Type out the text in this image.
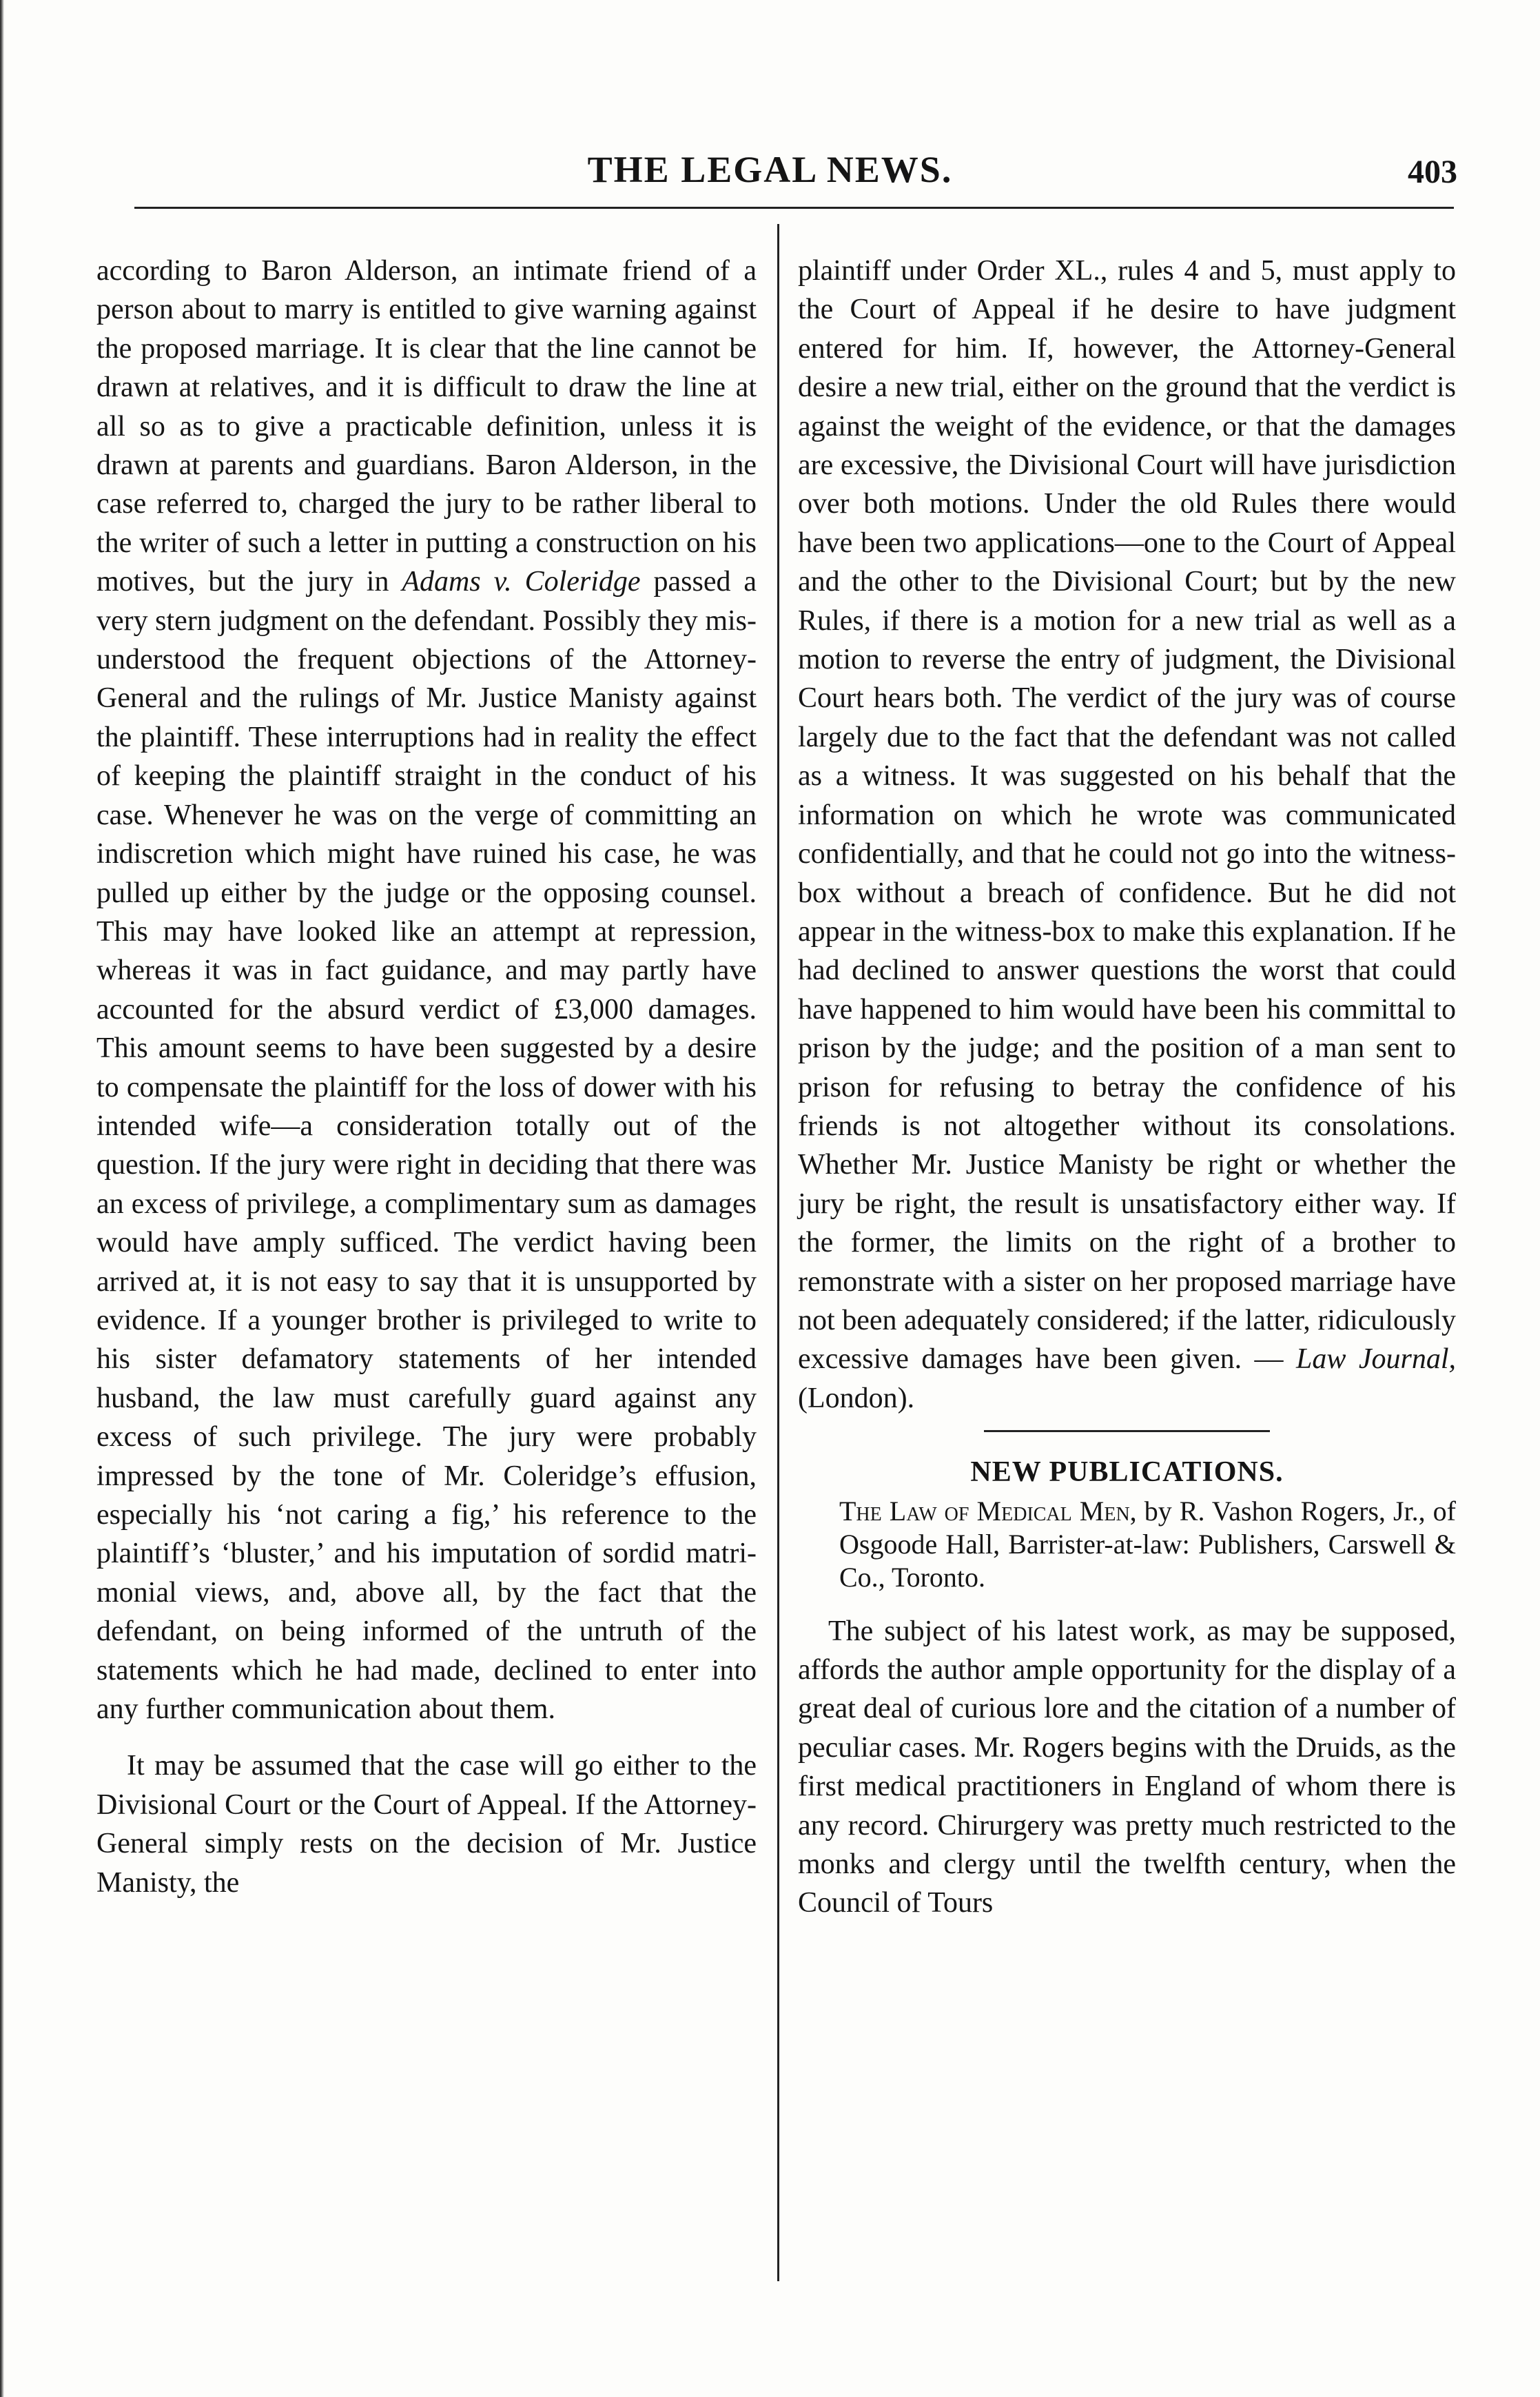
THE LEGAL NEWS.	403

according to Baron Alderson, an intimate friend of a person about to marry is entitled to give warning against the proposed marriage. It is clear that the line cannot be drawn at relatives, and it is difficult to draw the line at all so as to give a practicable definition, unless it is drawn at parents and guardians. Baron Alderson, in the case referred to, charged the jury to be rather liberal to the writer of such a letter in putting a construction on his motives, but the jury in Adams v. Coleridge passed a very stern judgment on the defendant. Possibly they misunderstood the frequent objections of the Attorney-General and the rulings of Mr. Justice Manisty against the plaintiff. These interruptions had in reality the effect of keeping the plaintiff straight in the conduct of his case. Whenever he was on the verge of committing an indiscretion which might have ruined his case, he was pulled up either by the judge or the opposing counsel. This may have looked like an attempt at repression, whereas it was in fact guidance, and may partly have accounted for the absurd verdict of £3,000 damages. This amount seems to have been suggested by a desire to compensate the plaintiff for the loss of dower with his intended wife—a consideration totally out of the question. If the jury were right in deciding that there was an excess of privilege, a complimentary sum as damages would have amply sufficed. The verdict having been arrived at, it is not easy to say that it is unsupported by evidence. If a younger brother is privileged to write to his sister defamatory statements of her intended husband, the law must carefully guard against any excess of such privilege. The jury were probably impressed by the tone of Mr. Coleridge’s effusion, especially his ‘not caring a fig,’ his reference to the plaintiff’s ‘bluster,’ and his imputation of sordid matrimonial views, and, above all, by the fact that the defendant, on being informed of the untruth of the statements which he had made, declined to enter into any further communication about them.

It may be assumed that the case will go either to the Divisional Court or the Court of Appeal. If the Attorney-General simply rests on the decision of Mr. Justice Manisty, the

plaintiff under Order XL., rules 4 and 5, must apply to the Court of Appeal if he desire to have judgment entered for him. If, however, the Attorney-General desire a new trial, either on the ground that the verdict is against the weight of the evidence, or that the damages are excessive, the Divisional Court will have jurisdiction over both motions. Under the old Rules there would have been two applications—one to the Court of Appeal and the other to the Divisional Court; but by the new Rules, if there is a motion for a new trial as well as a motion to reverse the entry of judgment, the Divisional Court hears both. The verdict of the jury was of course largely due to the fact that the defendant was not called as a witness. It was suggested on his behalf that the information on which he wrote was communicated confidentially, and that he could not go into the witness-box without a breach of confidence. But he did not appear in the witness-box to make this explanation. If he had declined to answer questions the worst that could have happened to him would have been his committal to prison by the judge; and the position of a man sent to prison for refusing to betray the confidence of his friends is not altogether without its consolations. Whether Mr. Justice Manisty be right or whether the jury be right, the result is unsatisfactory either way. If the former, the limits on the right of a brother to remonstrate with a sister on her proposed marriage have not been adequately considered; if the latter, ridiculously excessive damages have been given. — Law Journal, (London).

NEW PUBLICATIONS.

The Law of Medical Men, by R. Vashon Rogers, Jr., of Osgoode Hall, Barrister-at-law: Publishers, Carswell & Co., Toronto.

The subject of his latest work, as may be supposed, affords the author ample opportunity for the display of a great deal of curious lore and the citation of a number of peculiar cases. Mr. Rogers begins with the Druids, as the first medical practitioners in England of whom there is any record. Chirurgery was pretty much restricted to the monks and clergy until the twelfth century, when the Council of Tours
